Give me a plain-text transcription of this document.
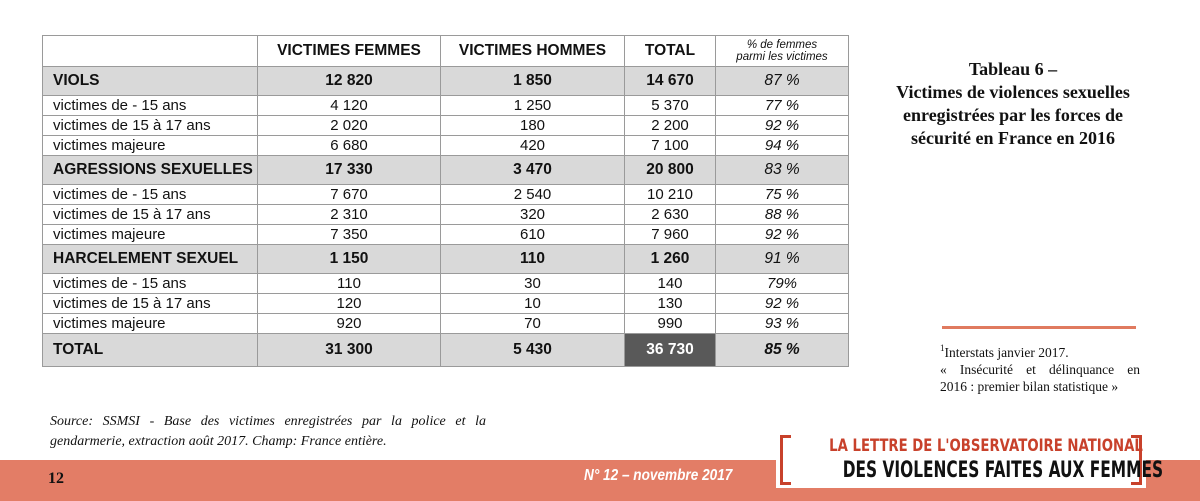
	VICTIMES FEMMES	VICTIMES HOMMES	TOTAL	% de femmes
parmi les victimes
VIOLS	12 820	1 850	14 670	87 %
victimes de - 15 ans	4 120	1 250	5 370	77 %
victimes de 15 à 17 ans	2 020	180	2 200	92 %
victimes majeure	6 680	420	7 100	94 %
AGRESSIONS SEXUELLES	17 330	3 470	20 800	83 %
victimes de - 15 ans	7 670	2 540	10 210	75 %
victimes de 15 à 17 ans	2 310	320	2 630	88 %
victimes majeure	7 350	610	7 960	92 %
HARCELEMENT SEXUEL	1 150	110	1 260	91 %
victimes de - 15 ans	110	30	140	79%
victimes de 15 à 17 ans	120	10	130	92 %
victimes majeure	920	70	990	93 %
TOTAL	31 300	5 430	36 730	85 %
Tableau 6 –
Victimes de violences sexuelles
enregistrées par les forces de
sécurité en France en 2016
$^1$Interstats janvier 2017.
« Insécurité et délinquance en
2016 : premier bilan statistique »
Source: SSMSI - Base des victimes enregistrées par la police et la gendarmerie, extraction août 2017. Champ: France entière.
12	N° 12 – novembre 2017
LA LETTRE DE L'OBSERVATOIRE NATIONAL
DES VIOLENCES FAITES AUX FEMMES
